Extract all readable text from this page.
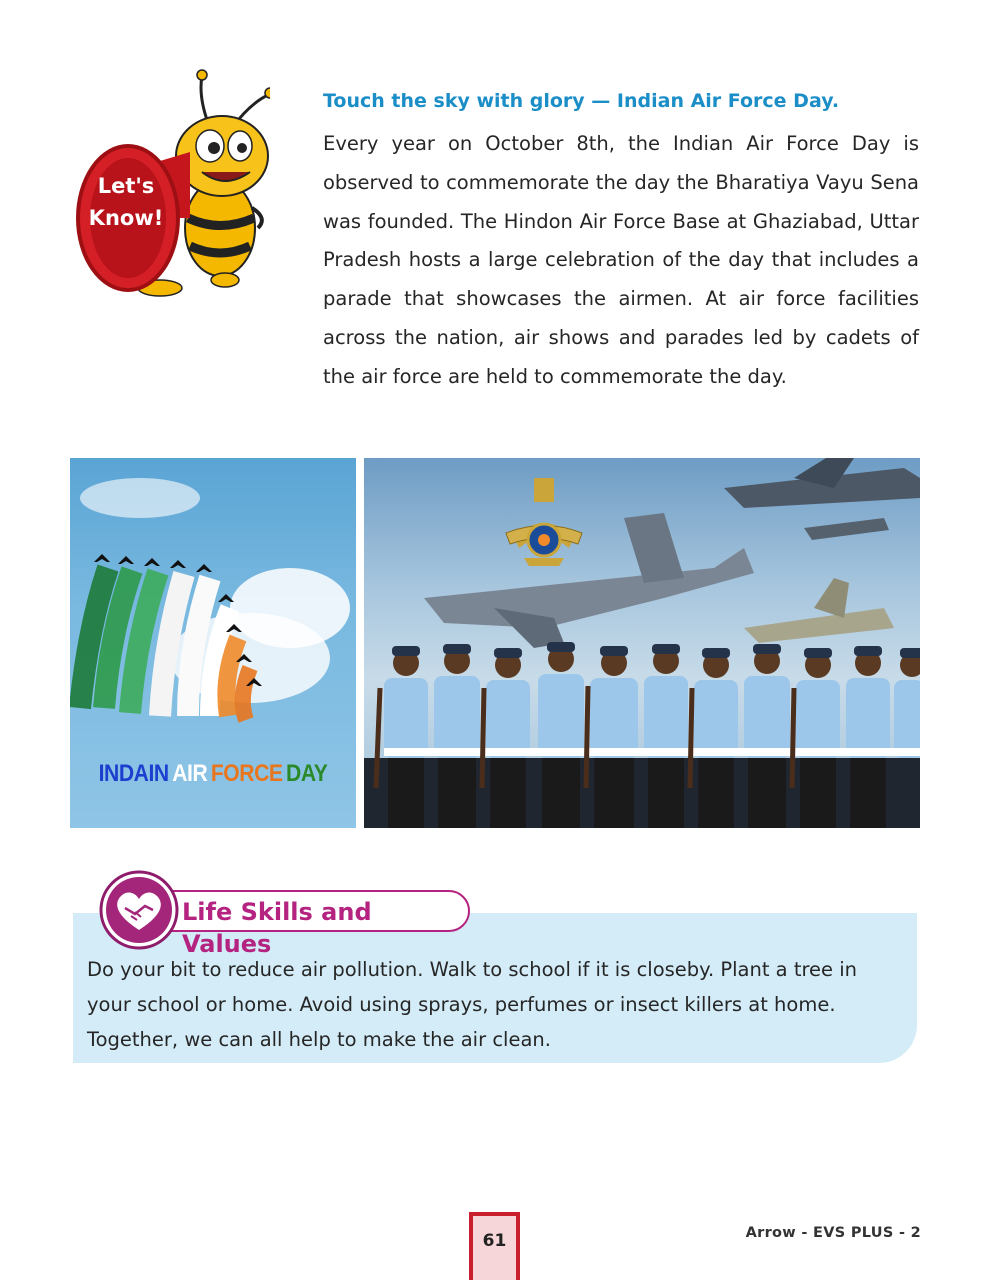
Let's
Know!
Touch the sky with glory — Indian Air Force Day.
Every year on October 8th, the Indian Air Force Day is observed to commemorate the day the Bharatiya Vayu Sena was founded. The Hindon Air Force Base at Ghaziabad, Uttar Pradesh hosts a large celebration of the day that includes a parade that showcases the airmen. At air force facilities across the nation, air shows and parades led by cadets of the air force are held to commemorate the day.
INDAIN AIR FORCE DAY
Life Skills and Values
Do your bit to reduce air pollution. Walk to school if it is closeby. Plant a tree in your school or home. Avoid using sprays, perfumes or insect killers at home. Together, we can all help to make the air clean.
61	Arrow - EVS PLUS - 2
